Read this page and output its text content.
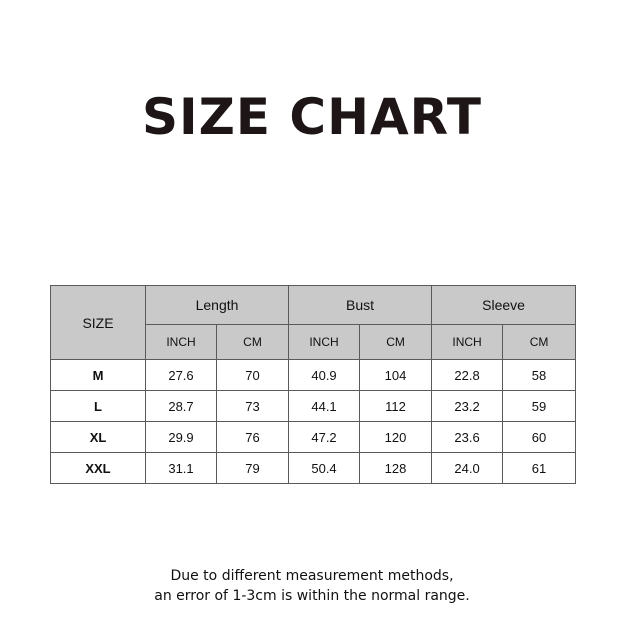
SIZE CHART
SIZE	Length		Bust		Sleeve	
	INCH	CM	INCH	CM	INCH	CM
M	27.6	70	40.9	104	22.8	58
L	28.7	73	44.1	112	23.2	59
XL	29.9	76	47.2	120	23.6	60
XXL	31.1	79	50.4	128	24.0	61
Due to different measurement methods,
an error of 1-3cm is within the normal range.
